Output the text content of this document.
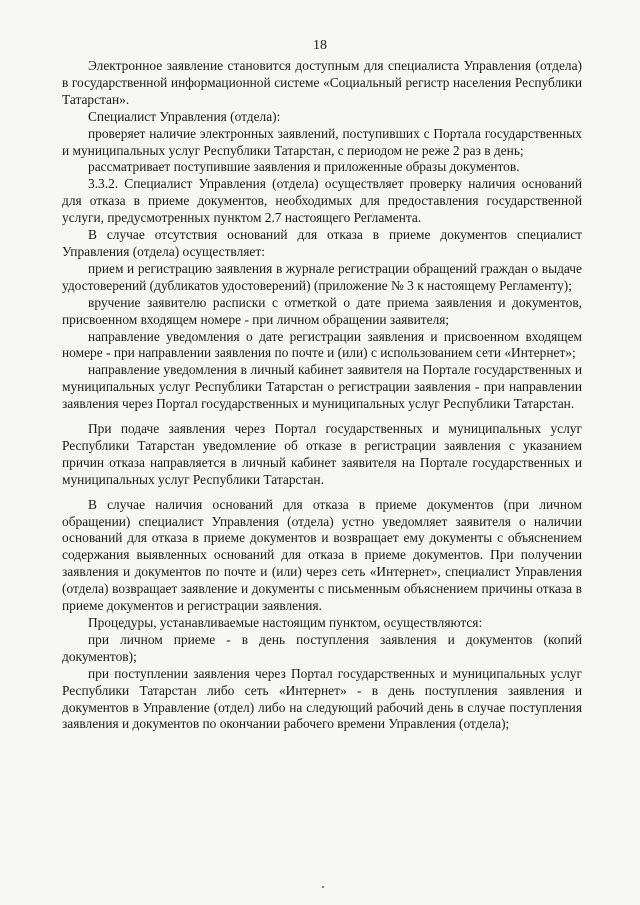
18

Электронное заявление становится доступным для специалиста Управления (отдела) в государственной информационной системе «Социальный регистр населения Республики Татарстан».

Специалист Управления (отдела):

проверяет наличие электронных заявлений, поступивших с Портала государственных и муниципальных услуг Республики Татарстан, с периодом не реже 2 раз в день;

рассматривает поступившие заявления и приложенные образы документов.

3.3.2. Специалист Управления (отдела) осуществляет проверку наличия оснований для отказа в приеме документов, необходимых для предоставления государственной услуги, предусмотренных пунктом 2.7 настоящего Регламента.

В случае отсутствия оснований для отказа в приеме документов специалист Управления (отдела) осуществляет:

прием и регистрацию заявления в журнале регистрации обращений граждан о выдаче удостоверений (дубликатов удостоверений) (приложение № 3 к настоящему Регламенту);

вручение заявителю расписки с отметкой о дате приема заявления и документов, присвоенном входящем номере - при личном обращении заявителя;

направление уведомления о дате регистрации заявления и присвоенном входящем номере - при направлении заявления по почте и (или) с использованием сети «Интернет»;

направление уведомления в личный кабинет заявителя на Портале государственных и муниципальных услуг Республики Татарстан о регистрации заявления - при направлении заявления через Портал государственных и муниципальных услуг Республики Татарстан.

При подаче заявления через Портал государственных и муниципальных услуг Республики Татарстан уведомление об отказе в регистрации заявления с указанием причин отказа направляется в личный кабинет заявителя на Портале государственных и муниципальных услуг Республики Татарстан.

В случае наличия оснований для отказа в приеме документов (при личном обращении) специалист Управления (отдела) устно уведомляет заявителя о наличии оснований для отказа в приеме документов и возвращает ему документы с объяснением содержания выявленных оснований для отказа в приеме документов. При получении заявления и документов по почте и (или) через сеть «Интернет», специалист Управления (отдела) возвращает заявление и документы с письменным объяснением причины отказа в приеме документов и регистрации заявления.

Процедуры, устанавливаемые настоящим пунктом, осуществляются:

при личном приеме - в день поступления заявления и документов (копий документов);

при поступлении заявления через Портал государственных и муниципальных услуг Республики Татарстан либо сеть «Интернет» - в день поступления заявления и документов в Управление (отдел) либо на следующий рабочий день в случае поступления заявления и документов по окончании рабочего времени Управления (отдела);
